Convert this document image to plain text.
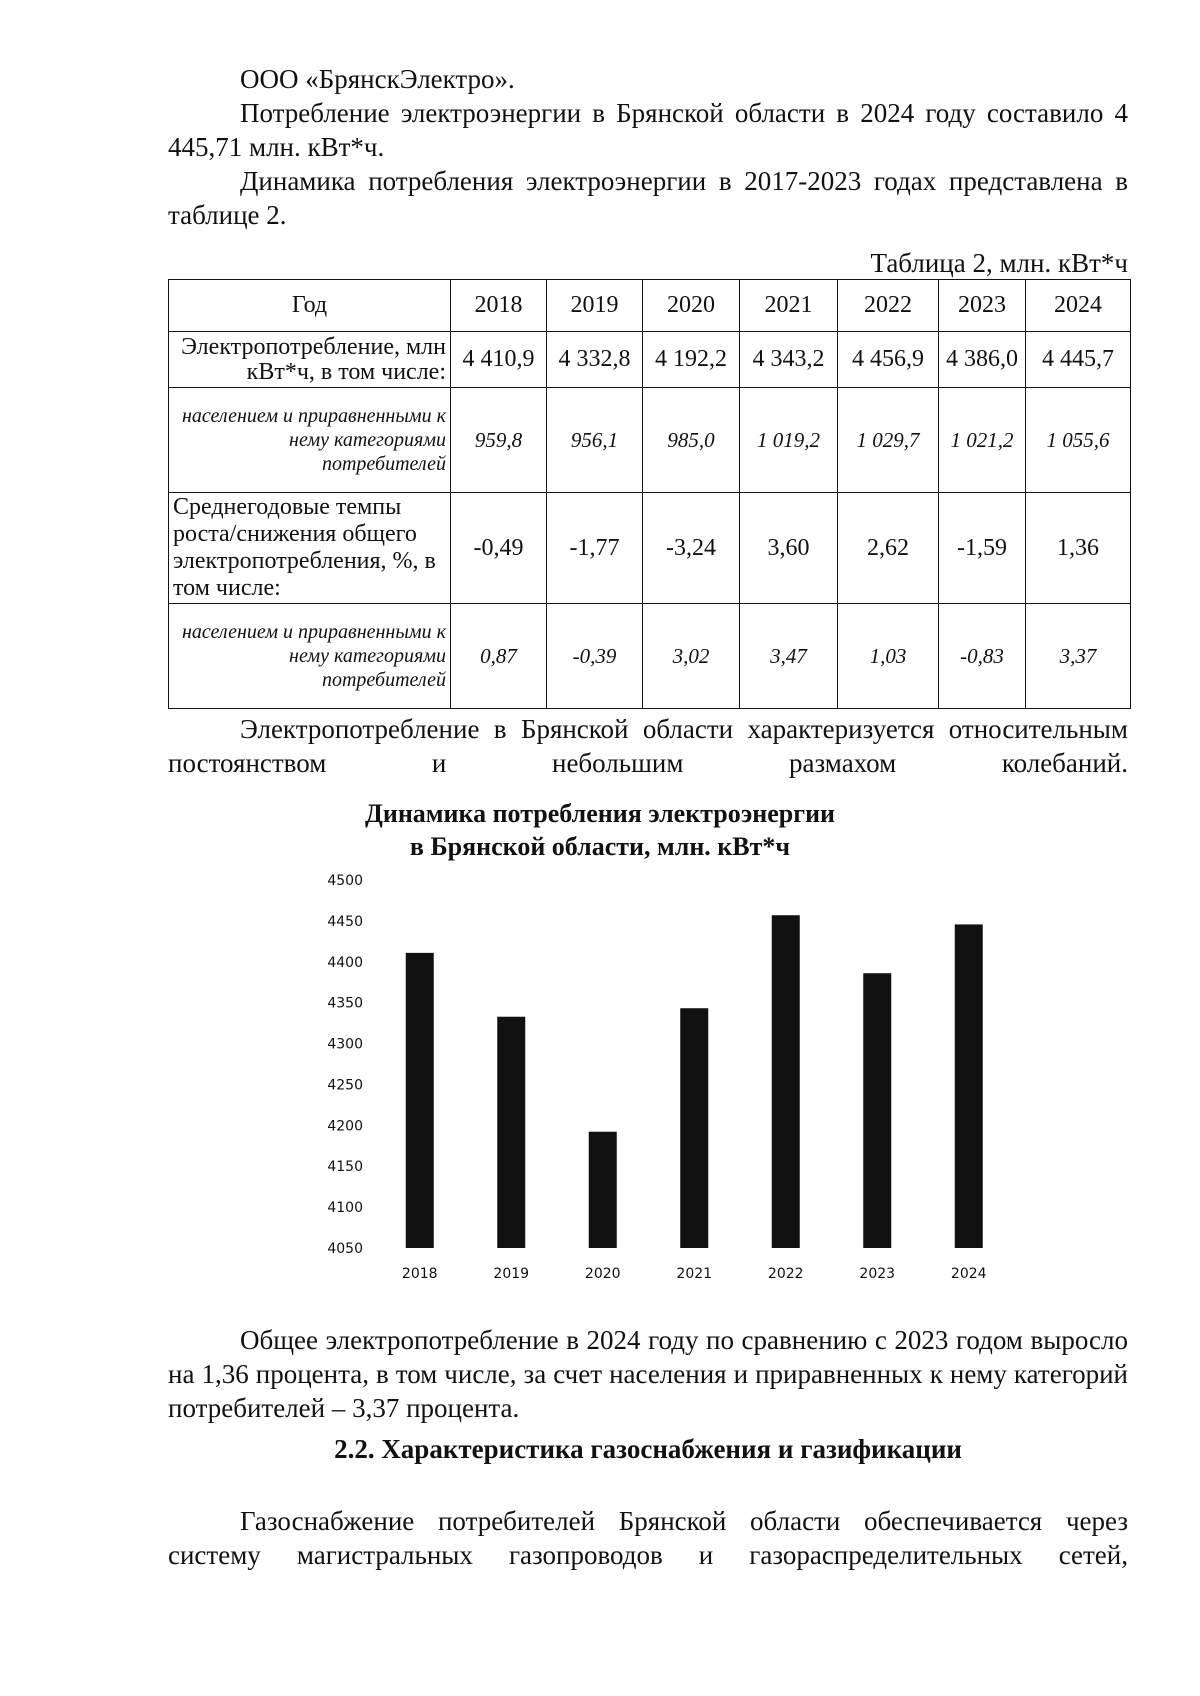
ООО «БрянскЭлектро».

Потребление электроэнергии в Брянской области в 2024 году составило 4 445,71 млн. кВт*ч.

Динамика потребления электроэнергии в 2017-2023 годах представлена в таблице 2.

Таблица 2, млн. кВт*ч
Год	2018	2019	2020	2021	2022	2023	2024
Электропотребление, млн кВт*ч, в том числе:	4 410,9	4 332,8	4 192,2	4 343,2	4 456,9	4 386,0	4 445,7
населением и приравненными к нему категориями потребителей	959,8	956,1	985,0	1 019,2	1 029,7	1 021,2	1 055,6
Среднегодовые темпы роста/снижения общего электропотребления, %, в том числе:	-0,49	-1,77	-3,24	3,60	2,62	-1,59	1,36
населением и приравненными к нему категориями потребителей	0,87	-0,39	3,02	3,47	1,03	-0,83	3,37

Электропотребление в Брянской области характеризуется относительным постоянством и небольшим размахом колебаний.

Динамика потребления электроэнергии
в Брянской области, млн. кВт*ч
4500
4450
4400
4350
4300
4250
4200
4150
4100
4050
2018	2019	2020	2021	2022	2023	2024

Общее электропотребление в 2024 году по сравнению с 2023 годом выросло на 1,36 процента, в том числе, за счет населения и приравненных к нему категорий потребителей – 3,37 процента.

2.2. Характеристика газоснабжения и газификации

Газоснабжение потребителей Брянской области обеспечивается через систему магистральных газопроводов и газораспределительных сетей,
